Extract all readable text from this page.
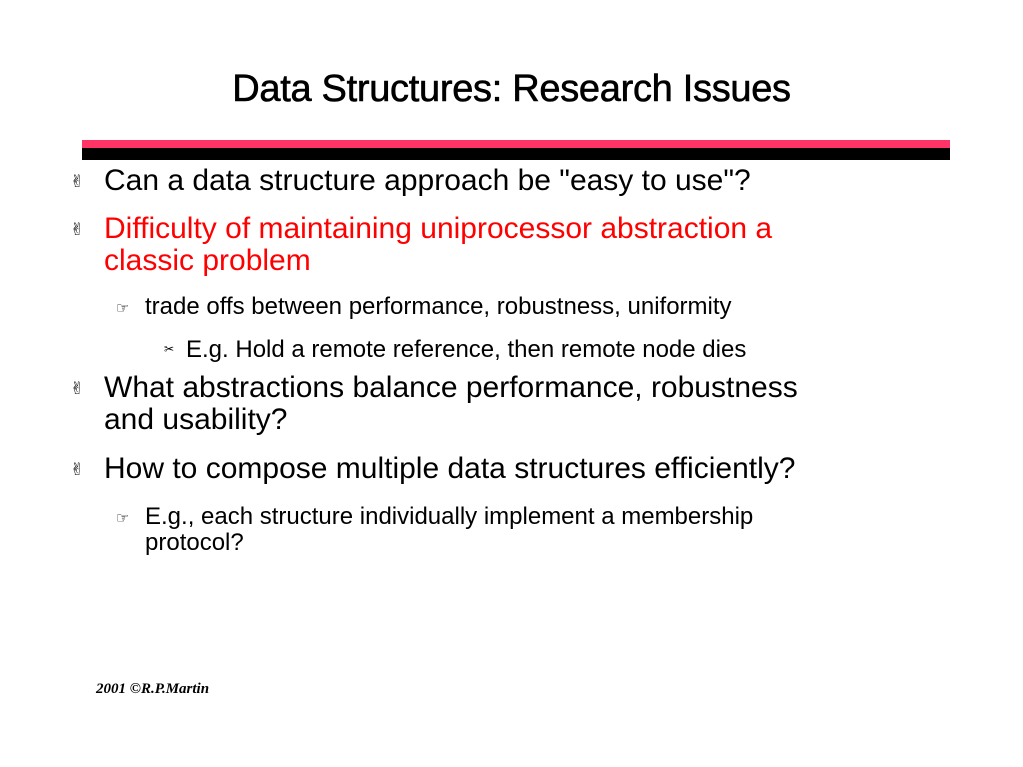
Data Structures: Research Issues
✌ Can a data structure approach be "easy to use"?
✌ Difficulty of maintaining uniprocessor abstraction a
classic problem
☞ trade offs between performance, robustness, uniformity
✂ E.g. Hold a remote reference, then remote node dies
✌ What abstractions balance performance, robustness
and usability?
✌ How to compose multiple data structures efficiently?
☞ E.g., each structure individually implement a membership
protocol?
2001 ©R.P.Martin
